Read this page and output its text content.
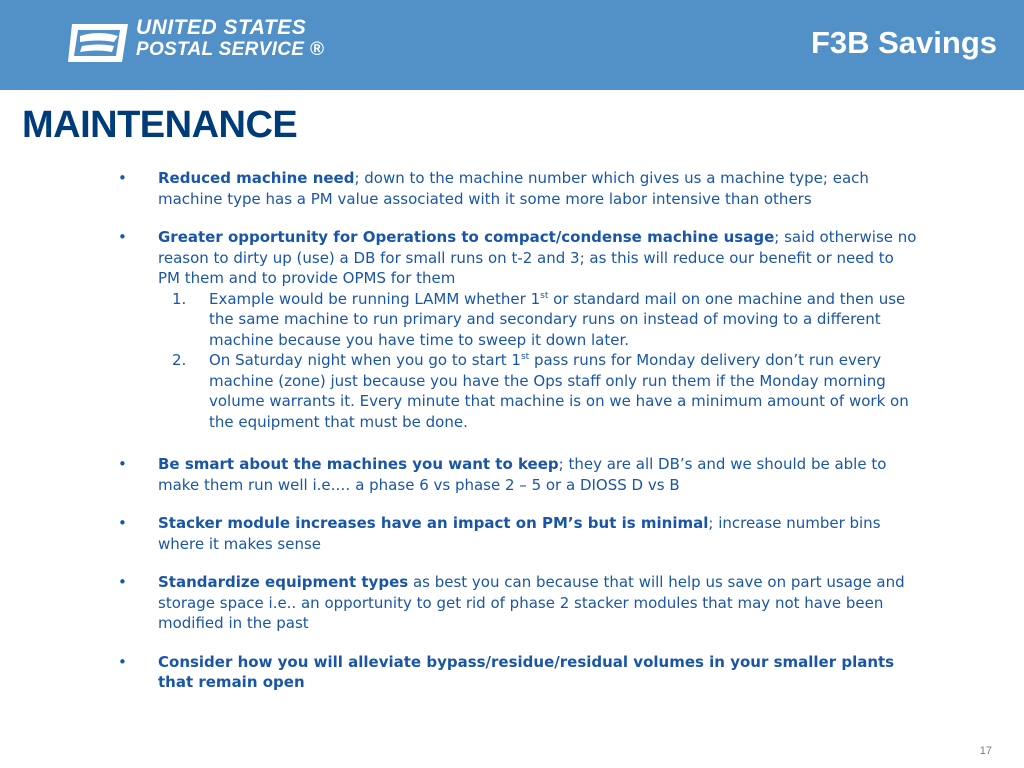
UNITED STATES
POSTAL SERVICE ®	F3B Savings
MAINTENANCE
• Reduced machine need; down to the machine number which gives us a machine type; each machine type has a PM value associated with it some more labor intensive than others
• Greater opportunity for Operations to compact/condense machine usage; said otherwise no reason to dirty up (use) a DB for small runs on t-2 and 3; as this will reduce our benefit or need to PM them and to provide OPMS for them
1. Example would be running LAMM whether 1st or standard mail on one machine and then use the same machine to run primary and secondary runs on instead of moving to a different machine because you have time to sweep it down later.
2. On Saturday night when you go to start 1st pass runs for Monday delivery don’t run every machine (zone) just because you have the Ops staff only run them if the Monday morning volume warrants it. Every minute that machine is on we have a minimum amount of work on the equipment that must be done.
• Be smart about the machines you want to keep; they are all DB’s and we should be able to make them run well i.e.… a phase 6 vs phase 2 – 5 or a DIOSS D vs B
• Stacker module increases have an impact on PM’s but is minimal; increase number bins where it makes sense
• Standardize equipment types as best you can because that will help us save on part usage and storage space i.e.. an opportunity to get rid of phase 2 stacker modules that may not have been modified in the past
• Consider how you will alleviate bypass/residue/residual volumes in your smaller plants that remain open
17
